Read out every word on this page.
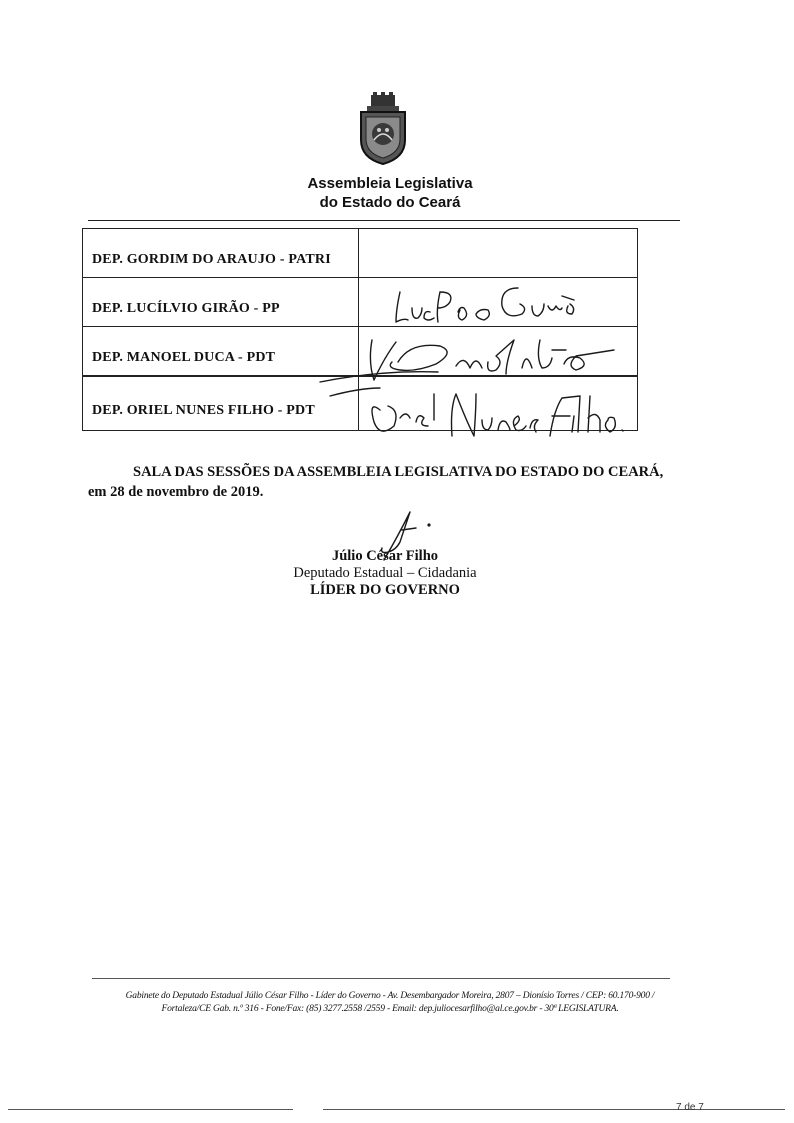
Assembleia Legislativa
do Estado do Ceará
DEP. GORDIM DO ARAUJO - PATRI
DEP. LUCÍLVIO GIRÃO - PP
DEP. MANOEL DUCA - PDT
DEP. ORIEL NUNES FILHO - PDT
SALA DAS SESSÕES DA ASSEMBLEIA LEGISLATIVA DO ESTADO DO CEARÁ,
em 28 de novembro de 2019.
Júlio César Filho
Deputado Estadual – Cidadania
LÍDER DO GOVERNO
Gabinete do Deputado Estadual Júlio César Filho - Líder do Governo - Av. Desembargador Moreira, 2807 – Dionísio Torres / CEP: 60.170-900 /
Fortaleza/CE Gab. n.º 316 - Fone/Fax: (85) 3277.2558 /2559 - Email: dep.juliocesarfilho@al.ce.gov.br - 30ª LEGISLATURA.
7 de 7
